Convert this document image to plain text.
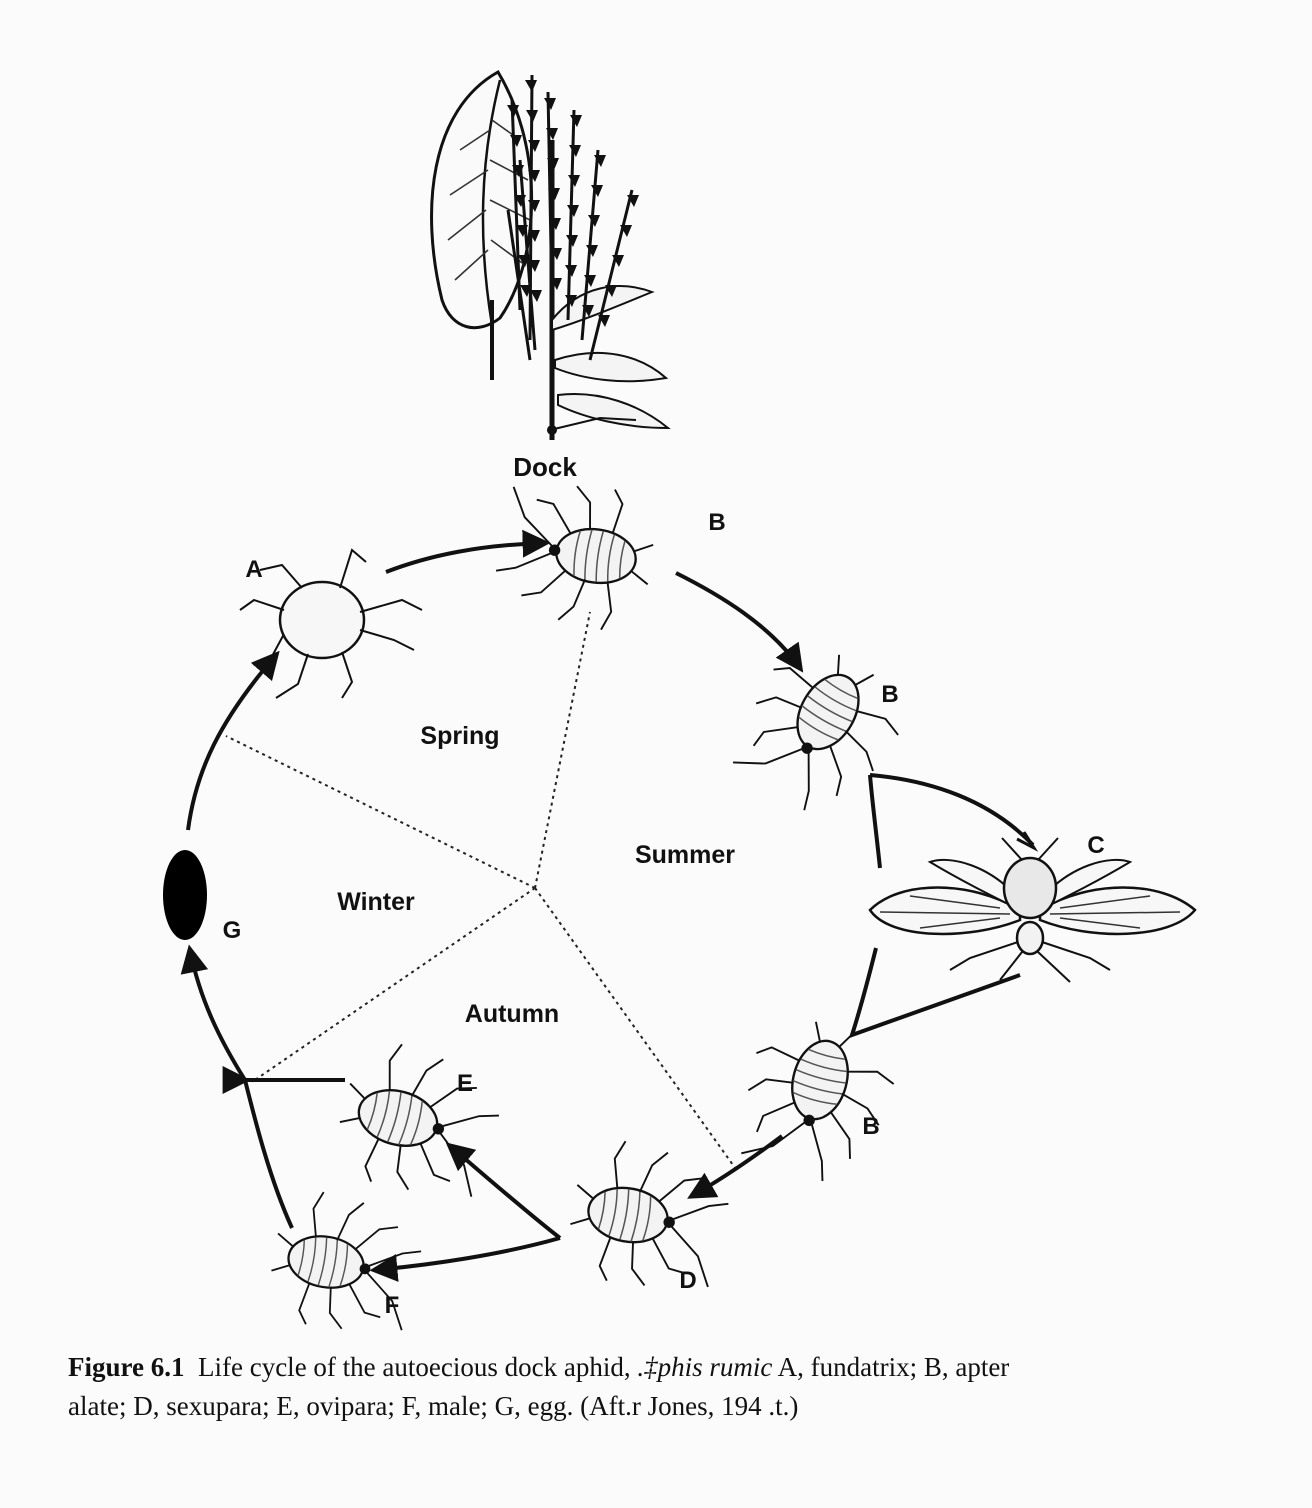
Dock
Spring
Summer
Winter
Autumn
A
B
B
C
B
D
E
F
G
Figure 6.1 Life cycle of the autoecious dock aphid, .‡phis rumic A, fundatrix; B, apter
alate; D, sexupara; E, ovipara; F, male; G, egg. (Aft.r Jones, 194 .t.)
